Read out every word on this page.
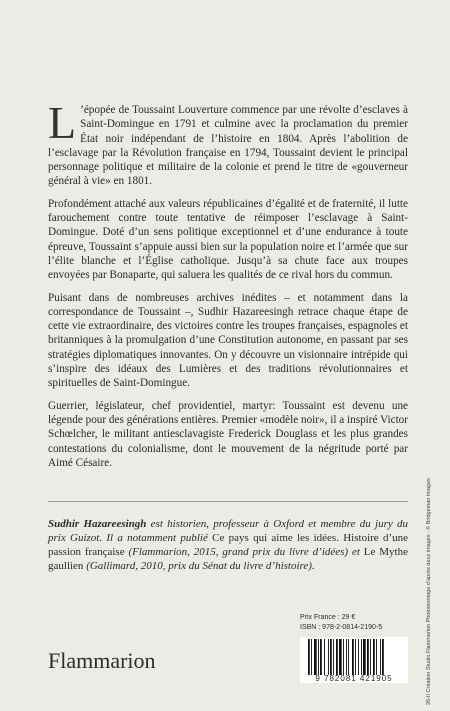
L ’épopée de Toussaint Louverture commence par une révolte d’esclaves à Saint-Domingue en 1791 et culmine avec la proclamation du premier État noir indépendant de l’histoire en 1804. Après l’abolition de l’esclavage par la Révolution française en 1794, Toussaint devient le principal personnage politique et militaire de la colonie et prend le titre de «gouverneur général à vie» en 1801.

Profondément attaché aux valeurs républicaines d’égalité et de fraternité, il lutte farouchement contre toute tentative de réimposer l’esclavage à Saint-Domingue. Doté d’un sens politique exceptionnel et d’une endurance à toute épreuve, Toussaint s’appuie aussi bien sur la population noire et l’armée que sur l’élite blanche et l’Église catholique. Jusqu’à sa chute face aux troupes envoyées par Bonaparte, qui saluera les qualités de ce rival hors du commun.

Puisant dans de nombreuses archives inédites – et notamment dans la correspondance de Toussaint –, Sudhir Hazareesingh retrace chaque étape de cette vie extraordinaire, des victoires contre les troupes françaises, espagnoles et britanniques à la promulgation d’une Constitution autonome, en passant par ses stratégies diplomatiques innovantes. On y découvre un visionnaire intrépide qui s’inspire des idéaux des Lumières et des traditions révolutionnaires et spirituelles de Saint-Domingue.

Guerrier, législateur, chef providentiel, martyr: Toussaint est devenu une légende pour des générations entières. Premier «modèle noir», il a inspiré Victor Schœlcher, le militant antiesclavagiste Frederick Douglass et les plus grandes contestations du colonialisme, dont le mouvement de la négritude porté par Aimé Césaire.

Sudhir Hazareesingh est historien, professeur à Oxford et membre du jury du prix Guizot. Il a notamment publié Ce pays qui aime les idées. Histoire d’une passion française (Flammarion, 2015, grand prix du livre d’idées) et Le Mythe gaullien (Gallimard, 2010, prix du Sénat du livre d’histoire).
Flammarion
Prix France : 29 €
ISBN : 978-2-0814-2190-5
9 782081 421905	26-II Création Studio Flammarion Photomontage d’après deux images : © Bridgeman Images
